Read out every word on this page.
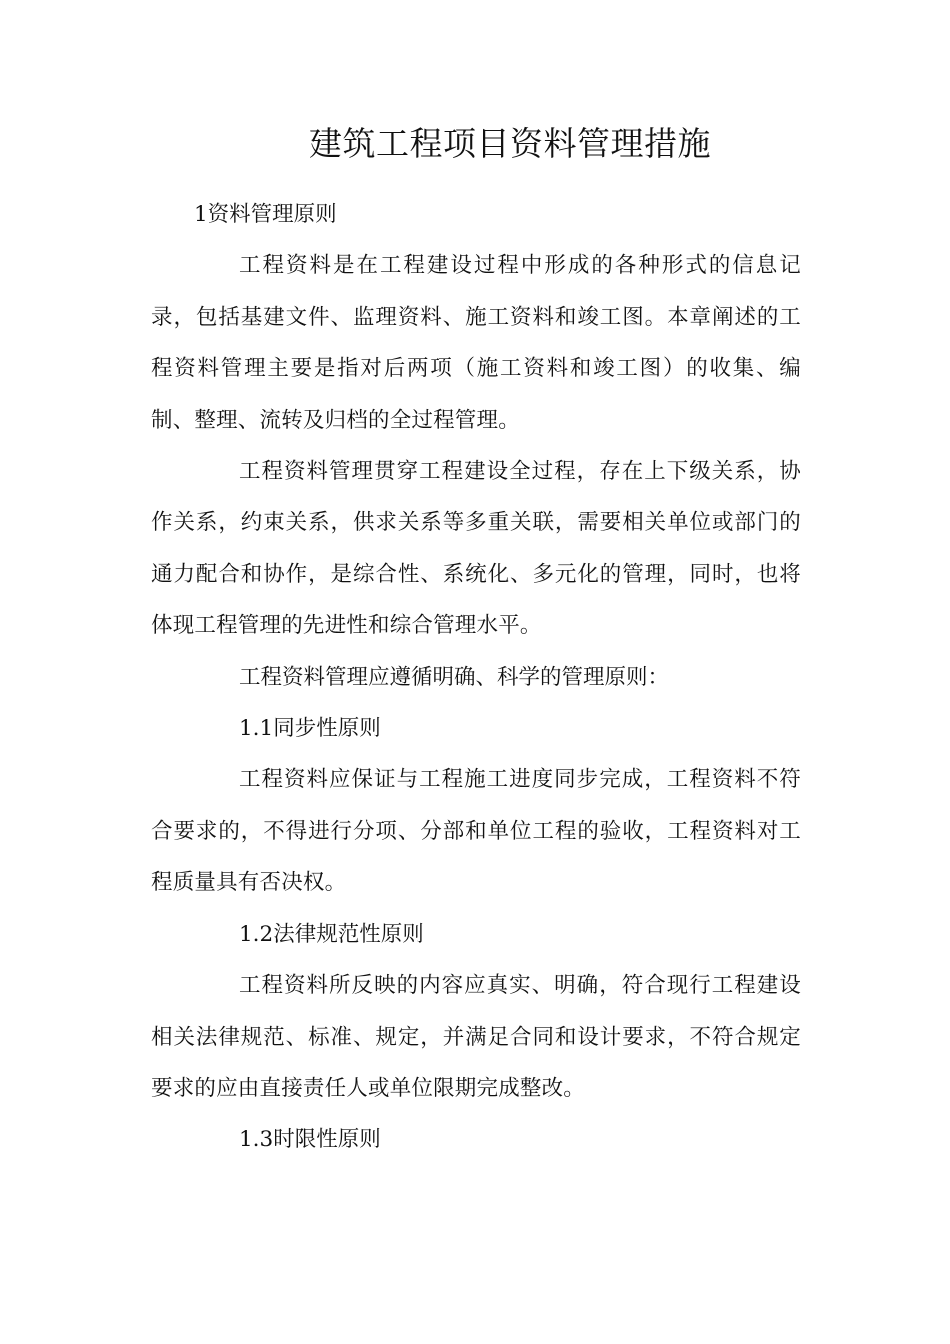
建筑工程项目资料管理措施

1资料管理原则

工程资料是在工程建设过程中形成的各种形式的信息记录，包括基建文件、监理资料、施工资料和竣工图。本章阐述的工程资料管理主要是指对后两项（施工资料和竣工图）的收集、编制、整理、流转及归档的全过程管理。

工程资料管理贯穿工程建设全过程，存在上下级关系，协作关系，约束关系，供求关系等多重关联，需要相关单位或部门的通力配合和协作，是综合性、系统化、多元化的管理，同时，也将体现工程管理的先进性和综合管理水平。

工程资料管理应遵循明确、科学的管理原则：

1.1同步性原则

工程资料应保证与工程施工进度同步完成，工程资料不符合要求的，不得进行分项、分部和单位工程的验收，工程资料对工程质量具有否决权。

1.2法律规范性原则

工程资料所反映的内容应真实、明确，符合现行工程建设相关法律规范、标准、规定，并满足合同和设计要求，不符合规定要求的应由直接责任人或单位限期完成整改。

1.3时限性原则
